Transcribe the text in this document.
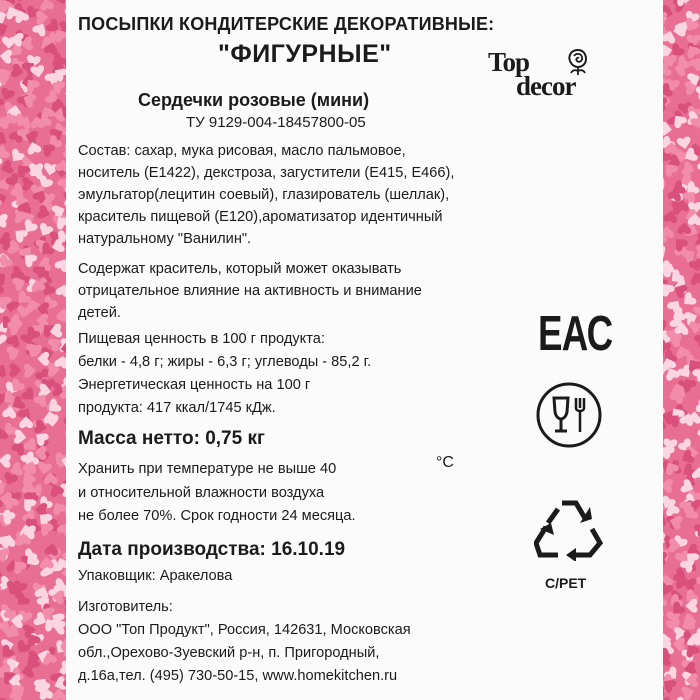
ПОСЫПКИ КОНДИТЕРСКИЕ ДЕКОРАТИВНЫЕ:

"ФИГУРНЫЕ"	Top
decor

Сердечки розовые (мини)

ТУ 9129-004-18457800-05

Состав: сахар, мука рисовая, масло пальмовое,

носитель (Е1422), декстроза, загустители (Е415, Е466),

эмульгатор(лецитин соевый), глазирователь (шеллак),

краситель пищевой (Е120),ароматизатор идентичный

натуральному "Ванилин".

Содержат краситель, который может оказывать

отрицательное влияние на активность и внимание

детей.

Пищевая ценность в 100 г продукта:

белки - 4,8 г; жиры - 6,3 г; углеводы - 85,2 г.

Энергетическая ценность на 100 г

продукта: 417 ккал/1745 кДж.

Масса нетто: 0,75 кг

Хранить при температуре не выше 40

и относительной влажности воздуха

не более 70%. Срок годности 24 месяца.

°С

Дата производства: 16.10.19

Упаковщик: Аракелова

Изготовитель:

ООО "Топ Продукт", Россия, 142631, Московская

обл.,Орехово-Зуевский р-н, п. Пригородный,

д.16а,тел. (495) 730-50-15, www.homekitchen.ru

ЕАС

C/PET
